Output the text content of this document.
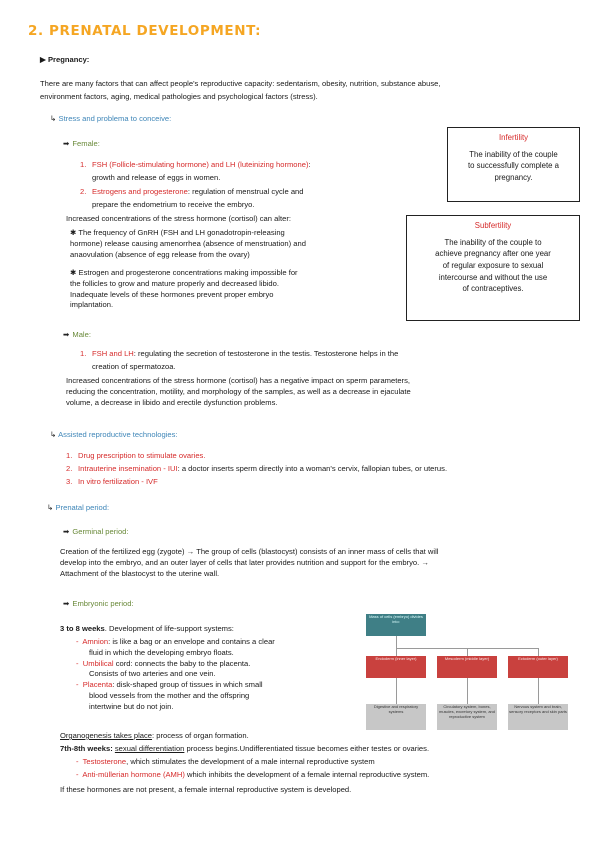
2. PRENATAL DEVELOPMENT:
▶ Pregnancy:
There are many factors that can affect people's reproductive capacity: sedentarism, obesity, nutrition, substance abuse,
environment factors, aging, medical pathologies and psychological factors (stress).
↳ Stress and problema to conceive:
➡ Female:
1. FSH (Follicle-stimulating hormone) and LH (luteinizing hormone):
growth and release of eggs in women.
2. Estrogens and progesterone: regulation of menstrual cycle and
prepare the endometrium to receive the embryo.
Increased concentrations of the stress hormone (cortisol) can alter:
✱ The frequency of GnRH (FSH and LH gonadotropin-releasing
hormone) release causing amenorrhea (absence of menstruation) and
anaovulation (absence of egg release from the ovary)
✱ Estrogen and progesterone concentrations making impossible for
the follicles to grow and mature properly and decreased libido.
Inadequate levels of these hormones prevent proper embryo
implantation.
Infertility
The inability of the couple
to successfully complete a
pregnancy.
Subfertility
The inability of the couple to
achieve pregnancy after one year
of regular exposure to sexual
intercourse and without the use
of contraceptives.
➡ Male:
1. FSH and LH: regulating the secretion of testosterone in the testis. Testosterone helps in the
creation of spermatozoa.
Increased concentrations of the stress hormone (cortisol) has a negative impact on sperm parameters,
reducing the concentration, motility, and morphology of the samples, as well as a decrease in ejaculate
volume, a decrease in libido and erectile dysfunction problems.
↳ Assisted reproductive technologies:
1. Drug prescription to stimulate ovaries.
2. Intrauterine insemination - IUI: a doctor inserts sperm directly into a woman's cervix, fallopian tubes, or uterus.
3. In vitro fertilization - IVF
↳ Prenatal period:
➡ Germinal period:
Creation of the fertilized egg (zygote) → The group of cells (blastocyst) consists of an inner mass of cells that will
develop into the embryo, and an outer layer of cells that later provides nutrition and support for the embryo. →
Attachment of the blastocyst to the uterine wall.
➡ Embryonic period:
3 to 8 weeks. Development of life-support systems:
- Amnion: is like a bag or an envelope and contains a clear
fluid in which the developing embryo floats.
- Umbilical cord: connects the baby to the placenta.
Consists of two arteries and one vein.
- Placenta: disk-shaped group of tissues in which small
blood vessels from the mother and the offspring
intertwine but do not join.
Organogenesis takes place: process of organ formation.
7th-8th weeks: sexual differentiation process begins.Undifferentiated tissue becomes either testes or ovaries.
- Testosterone, which stimulates the development of a male internal reproductive system
- Anti-müllerian hormone (AMH) which inhibits the development of a female internal reproductive system.
If these hormones are not present, a female internal reproductive system is developed.
Mass of cells (embryo) divides into:
Endoderm (inner layer)	Mesoderm (middle layer)	Ectoderm (outer layer)
Digestive and respiratory systems
Circulatory system, bones, muscles, excretory system, and reproductive system
Nervous system and brain, sensory receptors and skin parts
